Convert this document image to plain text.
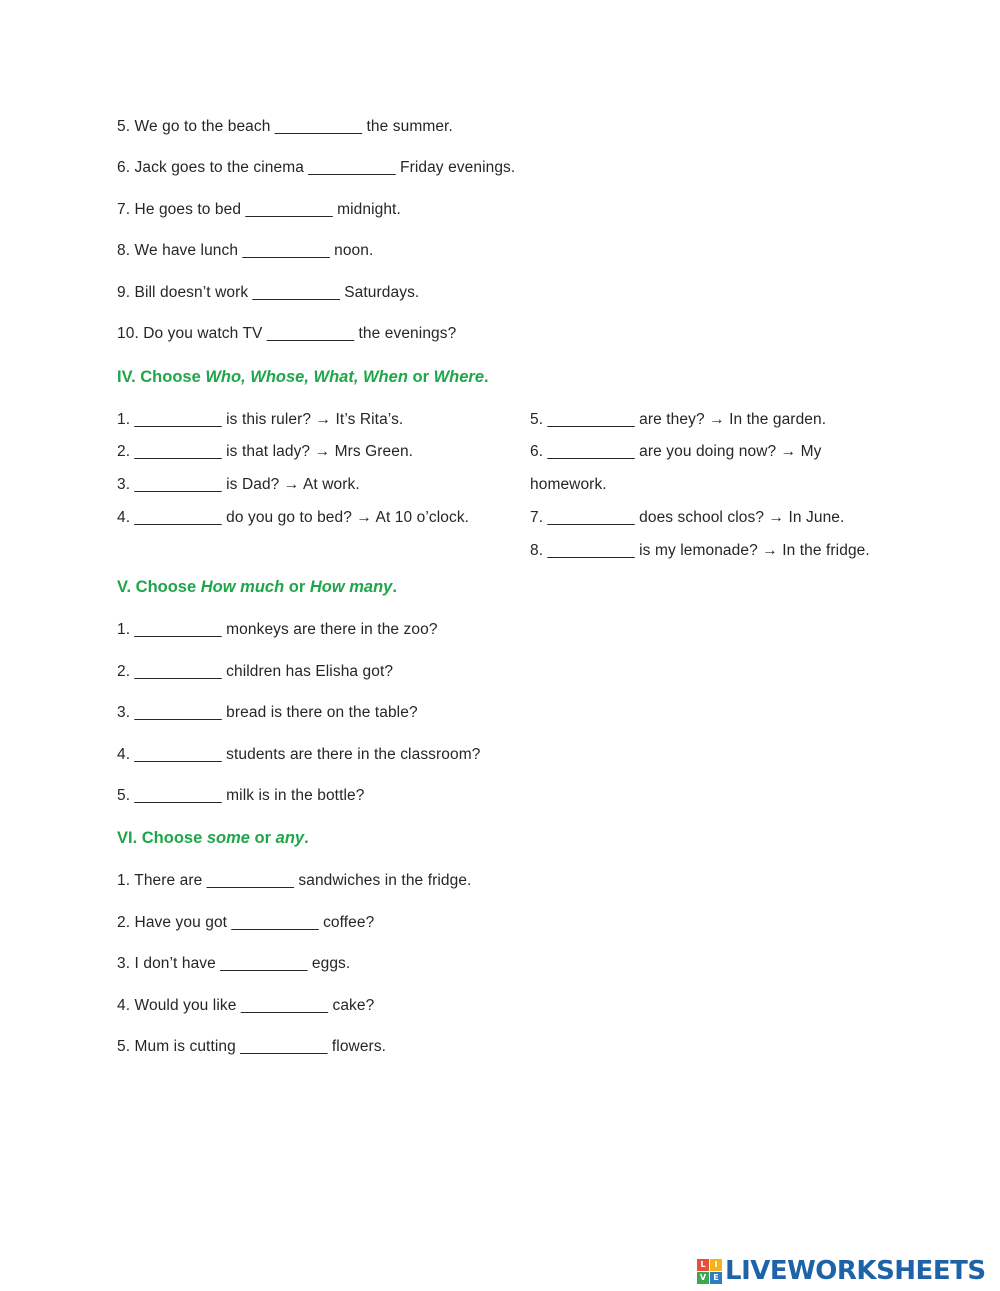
5. We go to the beach __________ the summer.
6. Jack goes to the cinema __________ Friday evenings.
7. He goes to bed __________ midnight.
8. We have lunch __________ noon.
9. Bill doesn’t work __________ Saturdays.
10. Do you watch TV __________ the evenings?
IV. Choose Who, Whose, What, When or Where.
1. __________ is this ruler? → It’s Rita’s.
2. __________ is that lady? → Mrs Green.
3. __________ is Dad? → At work.
4. __________ do you go to bed? → At 10 o’clock.
5. __________ are they? → In the garden.
6. __________ are you doing now? → My
homework.
7. __________ does school clos? → In June.
8. __________ is my lemonade? → In the fridge.
V. Choose How much or How many.
1. __________ monkeys are there in the zoo?
2. __________ children has Elisha got?
3. __________ bread is there on the table?
4. __________ students are there in the classroom?
5. __________ milk is in the bottle?
VI. Choose some or any.
1. There are __________ sandwiches in the fridge.
2. Have you got __________ coffee?
3. I don’t have __________ eggs.
4. Would you like __________ cake?
5. Mum is cutting __________ flowers.
L	I
V E LIVEWORKSHEETS
